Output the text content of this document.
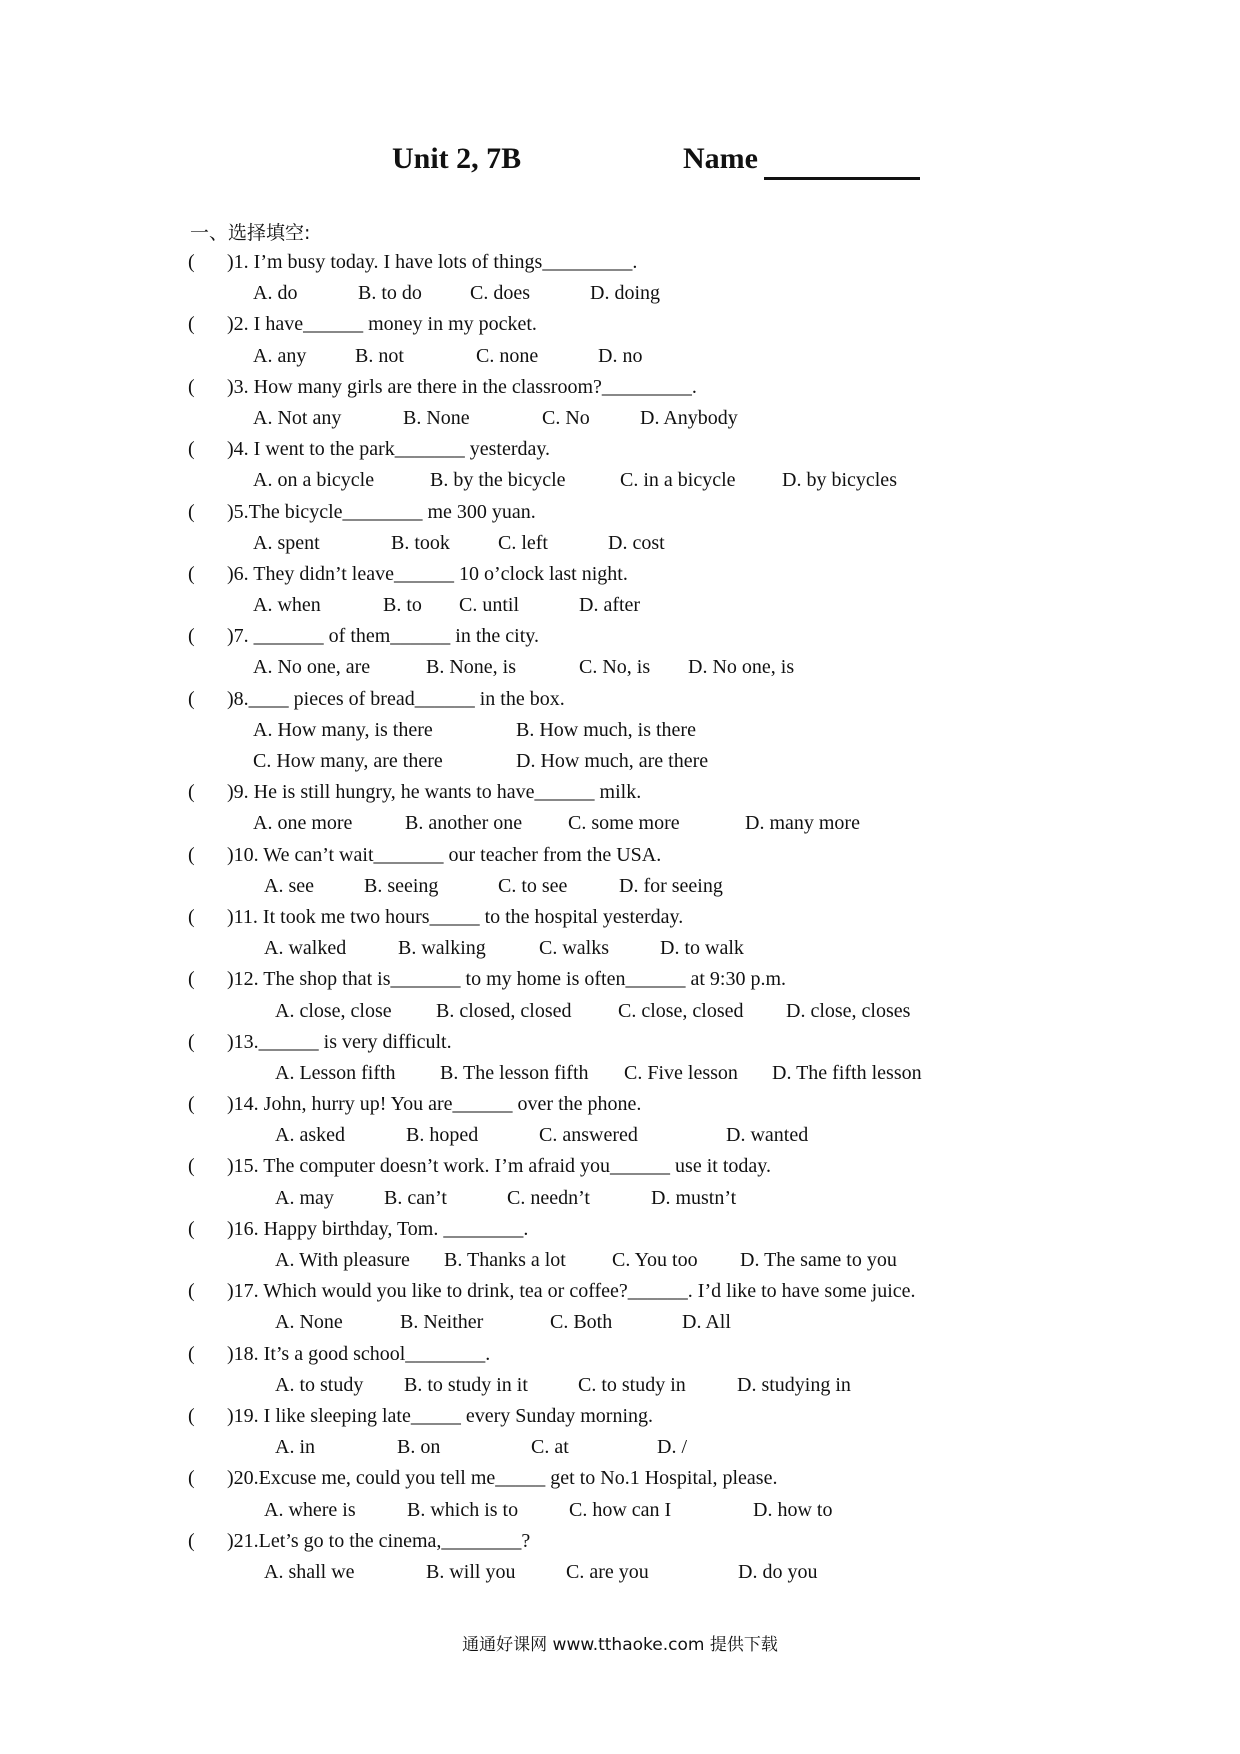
Unit 2, 7B	Name
一、选择填空:
( )1. I’m busy today. I have lots of things_________.
A. do	B. to do C. does	D. doing
( )2. I have______ money in my pocket.
A. any B. not	C. none	D. no
( )3. How many girls are there in the classroom?_________.
A. Not any	B. None	C. No	D. Anybody
( )4. I went to the park_______ yesterday.
A. on a bicycle	B. by the bicycle	C. in a bicycle D. by bicycles
( )5.The bicycle________ me 300 yuan.
A. spent	B. took C. left	D. cost
( )6. They didn’t leave______ 10 o’clock last night.
A. when	B. to C. until	D. after
( )7. _______ of them______ in the city.
A. No one, are	B. None, is	C. No, is D. No one, is
( )8.____ pieces of bread______ in the box.
A. How many, is there	B. How much, is there
C. How many, are there	D. How much, are there
( )9. He is still hungry, he wants to have______ milk.
A. one more	B. another one C. some more	D. many more
( )10. We can’t wait_______ our teacher from the USA.
A. see	B. seeing	C. to see	D. for seeing
( )11. It took me two hours_____ to the hospital yesterday.
A. walked	B. walking	C. walks	D. to walk
( )12. The shop that is_______ to my home is often______ at 9:30 p.m.
A. close, close B. closed, closed C. close, closed D. close, closes
( )13.______ is very difficult.
A. Lesson fifth B. The lesson fifth C. Five lesson D. The fifth lesson
( )14. John, hurry up! You are______ over the phone.
A. asked	B. hoped	C. answered	D. wanted
( )15. The computer doesn’t work. I’m afraid you______ use it today.
A. may	B. can’t	C. needn’t	D. mustn’t
( )16. Happy birthday, Tom. ________.
A. With pleasure B. Thanks a lot C. You too D. The same to you
( )17. Which would you like to drink, tea or coffee?______. I’d like to have some juice.
A. None	B. Neither	C. Both	D. All
( )18. It’s a good school________.
A. to study B. to study in it	C. to study in	D. studying in
( )19. I like sleeping late_____ every Sunday morning.
A. in	B. on	C. at	D. /
( )20.Excuse me, could you tell me_____ get to No.1 Hospital, please.
A. where is	B. which is to	C. how can I	D. how to
( )21.Let’s go to the cinema,________?
A. shall we	B. will you	C. are you	D. do you
通通好课网 www.tthaoke.com 提供下载
